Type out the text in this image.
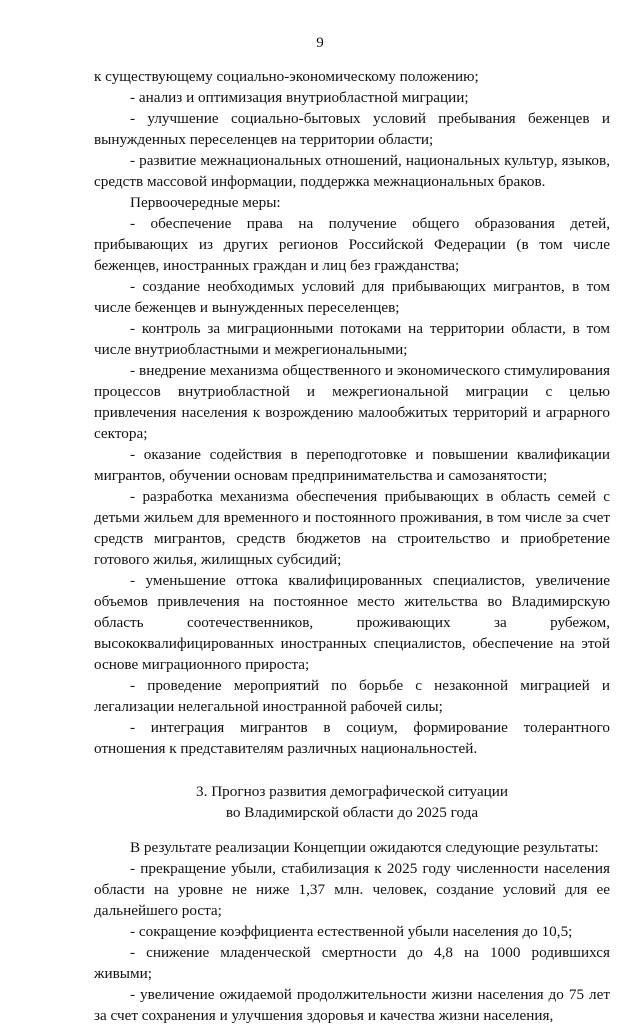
9

к существующему социально-экономическому положению;

- анализ и оптимизация внутриобластной миграции;

- улучшение социально-бытовых условий пребывания беженцев и вынужденных переселенцев на территории области;

- развитие межнациональных отношений, национальных культур, языков, средств массовой информации, поддержка межнациональных браков.

Первоочередные меры:

- обеспечение права на получение общего образования детей, прибывающих из других регионов Российской Федерации (в том числе беженцев, иностранных граждан и лиц без гражданства;

- создание необходимых условий для прибывающих мигрантов, в том числе беженцев и вынужденных переселенцев;

- контроль за миграционными потоками на территории области, в том числе внутриобластными и межрегиональными;

- внедрение механизма общественного и экономического стимулирования процессов внутриобластной и межрегиональной миграции с целью привлечения населения к возрождению малообжитых территорий и аграрного сектора;

- оказание содействия в переподготовке и повышении квалификации мигрантов, обучении основам предпринимательства и самозанятости;

- разработка механизма обеспечения прибывающих в область семей с детьми жильем для временного и постоянного проживания, в том числе за счет средств мигрантов, средств бюджетов на строительство и приобретение готового жилья, жилищных субсидий;

- уменьшение оттока квалифицированных специалистов, увеличение объемов привлечения на постоянное место жительства во Владимирскую область соотечественников, проживающих за рубежом, высококвалифицированных иностранных специалистов, обеспечение на этой основе миграционного прироста;

- проведение мероприятий по борьбе с незаконной миграцией и легализации нелегальной иностранной рабочей силы;

- интеграция мигрантов в социум, формирование толерантного отношения к представителям различных национальностей.

3. Прогноз развития демографической ситуации
во Владимирской области до 2025 года

В результате реализации Концепции ожидаются следующие результаты:

- прекращение убыли, стабилизация к 2025 году численности населения области на уровне не ниже 1,37 млн. человек, создание условий для ее дальнейшего роста;

- сокращение коэффициента естественной убыли населения до 10,5;

- снижение младенческой смертности до 4,8 на 1000 родившихся живыми;

- увеличение ожидаемой продолжительности жизни населения до 75 лет за счет сохранения и улучшения здоровья и качества жизни населения,
